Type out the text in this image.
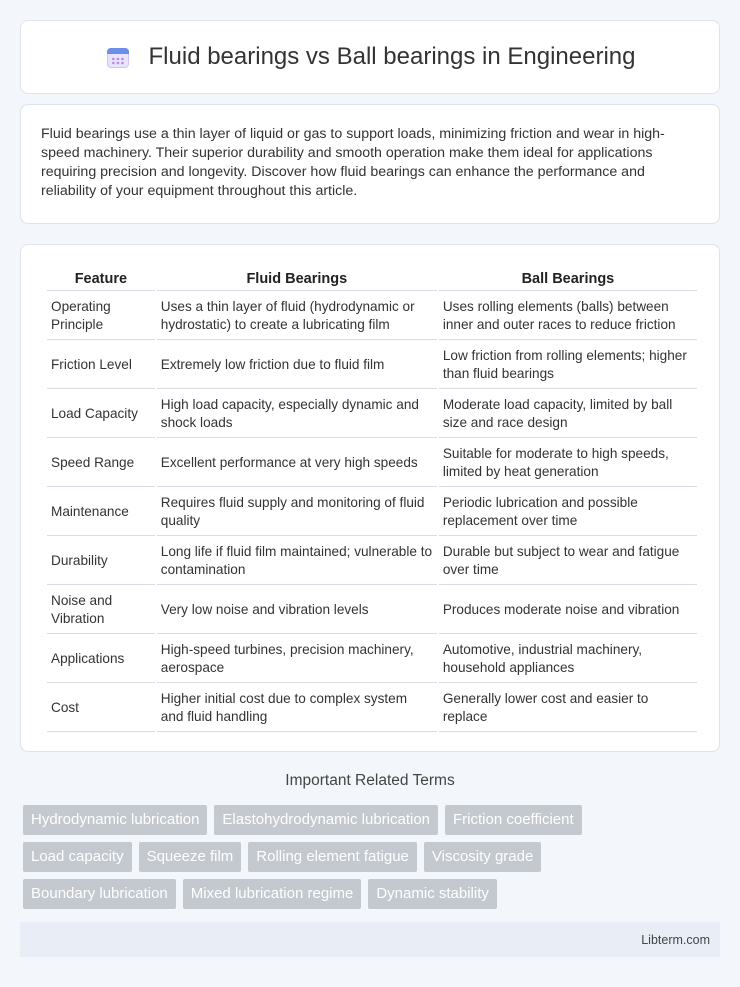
Fluid bearings vs Ball bearings in Engineering

Fluid bearings use a thin layer of liquid or gas to support loads, minimizing friction and wear in high-speed machinery. Their superior durability and smooth operation make them ideal for applications requiring precision and longevity. Discover how fluid bearings can enhance the performance and reliability of your equipment throughout this article.

Feature	Fluid Bearings	Ball Bearings
Operating Principle	Uses a thin layer of fluid (hydrodynamic or hydrostatic) to create a lubricating film	Uses rolling elements (balls) between inner and outer races to reduce friction
Friction Level	Extremely low friction due to fluid film	Low friction from rolling elements; higher than fluid bearings
Load Capacity	High load capacity, especially dynamic and shock loads	Moderate load capacity, limited by ball size and race design
Speed Range	Excellent performance at very high speeds	Suitable for moderate to high speeds, limited by heat generation
Maintenance	Requires fluid supply and monitoring of fluid quality	Periodic lubrication and possible replacement over time
Durability	Long life if fluid film maintained; vulnerable to contamination	Durable but subject to wear and fatigue over time
Noise and Vibration	Very low noise and vibration levels	Produces moderate noise and vibration
Applications	High-speed turbines, precision machinery, aerospace	Automotive, industrial machinery, household appliances
Cost	Higher initial cost due to complex system and fluid handling	Generally lower cost and easier to replace
Important Related Terms
Hydrodynamic lubrication	Elastohydrodynamic lubrication	Friction coefficient
Load capacity	Squeeze film	Rolling element fatigue	Viscosity grade
Boundary lubrication	Mixed lubrication regime	Dynamic stability
Libterm.com
